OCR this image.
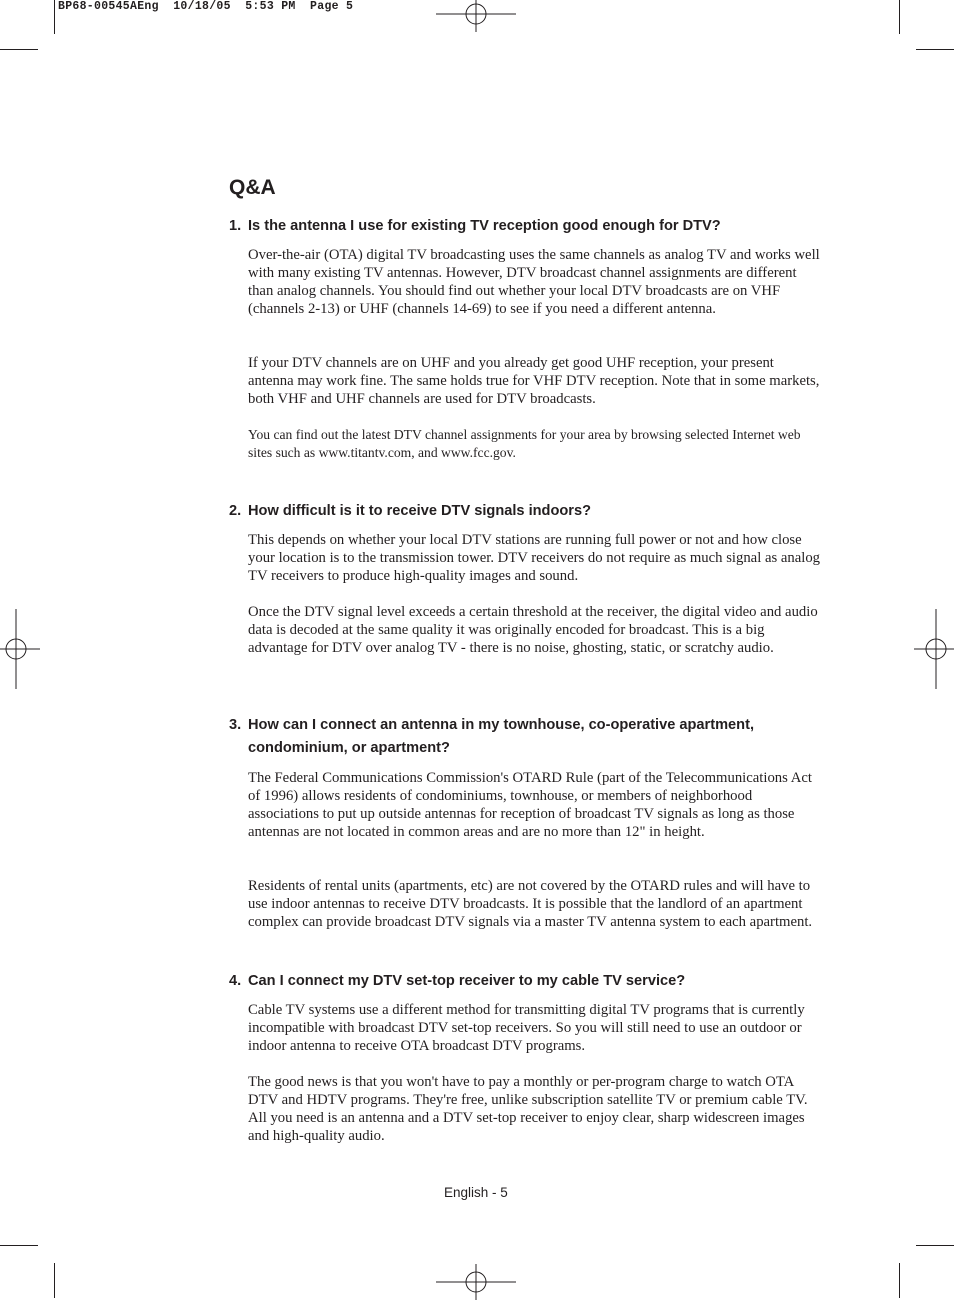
BP68-00545AEng  10/18/05  5:53 PM  Page 5
Q&A
1. Is the antenna I use for existing TV reception good enough for DTV?

Over-the-air (OTA) digital TV broadcasting uses the same channels as analog TV and works well with many existing TV antennas. However, DTV broadcast channel assignments are different than analog channels. You should find out whether your local DTV broadcasts are on VHF (channels 2-13) or UHF (channels 14-69) to see if you need a different antenna.

If your DTV channels are on UHF and you already get good UHF reception, your present antenna may work fine. The same holds true for VHF DTV reception. Note that in some markets, both VHF and UHF channels are used for DTV broadcasts.

You can find out the latest DTV channel assignments for your area by browsing selected Internet web sites such as www.titantv.com, and www.fcc.gov.

2. How difficult is it to receive DTV signals indoors?

This depends on whether your local DTV stations are running full power or not and how close your location is to the transmission tower. DTV receivers do not require as much signal as analog TV receivers to produce high-quality images and sound.

Once the DTV signal level exceeds a certain threshold at the receiver, the digital video and audio data is decoded at the same quality it was originally encoded for broadcast. This is a big advantage for DTV over analog TV - there is no noise, ghosting, static, or scratchy audio.

3. How can I connect an antenna in my townhouse, co-operative apartment, condominium, or apartment?

The Federal Communications Commission's OTARD Rule (part of the Telecommunications Act of 1996) allows residents of condominiums, townhouse, or members of neighborhood associations to put up outside antennas for reception of broadcast TV signals as long as those antennas are not located in common areas and are no more than 12" in height.

Residents of rental units (apartments, etc) are not covered by the OTARD rules and will have to use indoor antennas to receive DTV broadcasts. It is possible that the landlord of an apartment complex can provide broadcast DTV signals via a master TV antenna system to each apartment.

4. Can I connect my DTV set-top receiver to my cable TV service?

Cable TV systems use a different method for transmitting digital TV programs that is currently incompatible with broadcast DTV set-top receivers. So you will still need to use an outdoor or indoor antenna to receive OTA broadcast DTV programs.

The good news is that you won't have to pay a monthly or per-program charge to watch OTA DTV and HDTV programs. They're free, unlike subscription satellite TV or premium cable TV. All you need is an antenna and a DTV set-top receiver to enjoy clear, sharp widescreen images and high-quality audio.

English - 5
